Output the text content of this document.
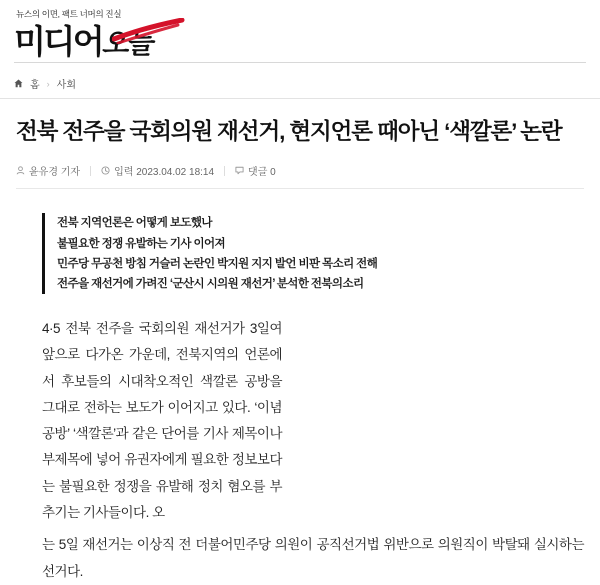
뉴스의 이면, 팩트 너머의 진실
미디어
오늘
홈 › 사회
전북 전주을 국회의원 재선거, 현지언론 때아닌 ‘색깔론’ 논란
윤유경 기자	입력 2023.04.02 18:14	댓글 0
전북 지역언론은 어떻게 보도했나
불필요한 정쟁 유발하는 기사 이어져
민주당 무공천 방침 거슬러 논란인 박지원 지지 발언 비판 목소리 전해
전주을 재선거에 가려진 ‘군산시 시의원 재선거’ 분석한 전북의소리

4·5 전북 전주을 국회의원 재선거가 3일여 앞으로 다가온 가운데, 전북지역의 언론에서 후보들의 시대착오적인 색깔론 공방을 그대로 전하는 보도가 이어지고 있다. ‘이념 공방’ ‘색깔론’과 같은 단어를 기사 제목이나 부제목에 넣어 유권자에게 필요한 정보보다는 불필요한 정쟁을 유발해 정치 혐오를 부추기는 기사들이다. 오

는 5일 재선거는 이상직 전 더불어민주당 의원이 공직선거법 위반으로 의원직이 박탈돼 실시하는 선거다.
